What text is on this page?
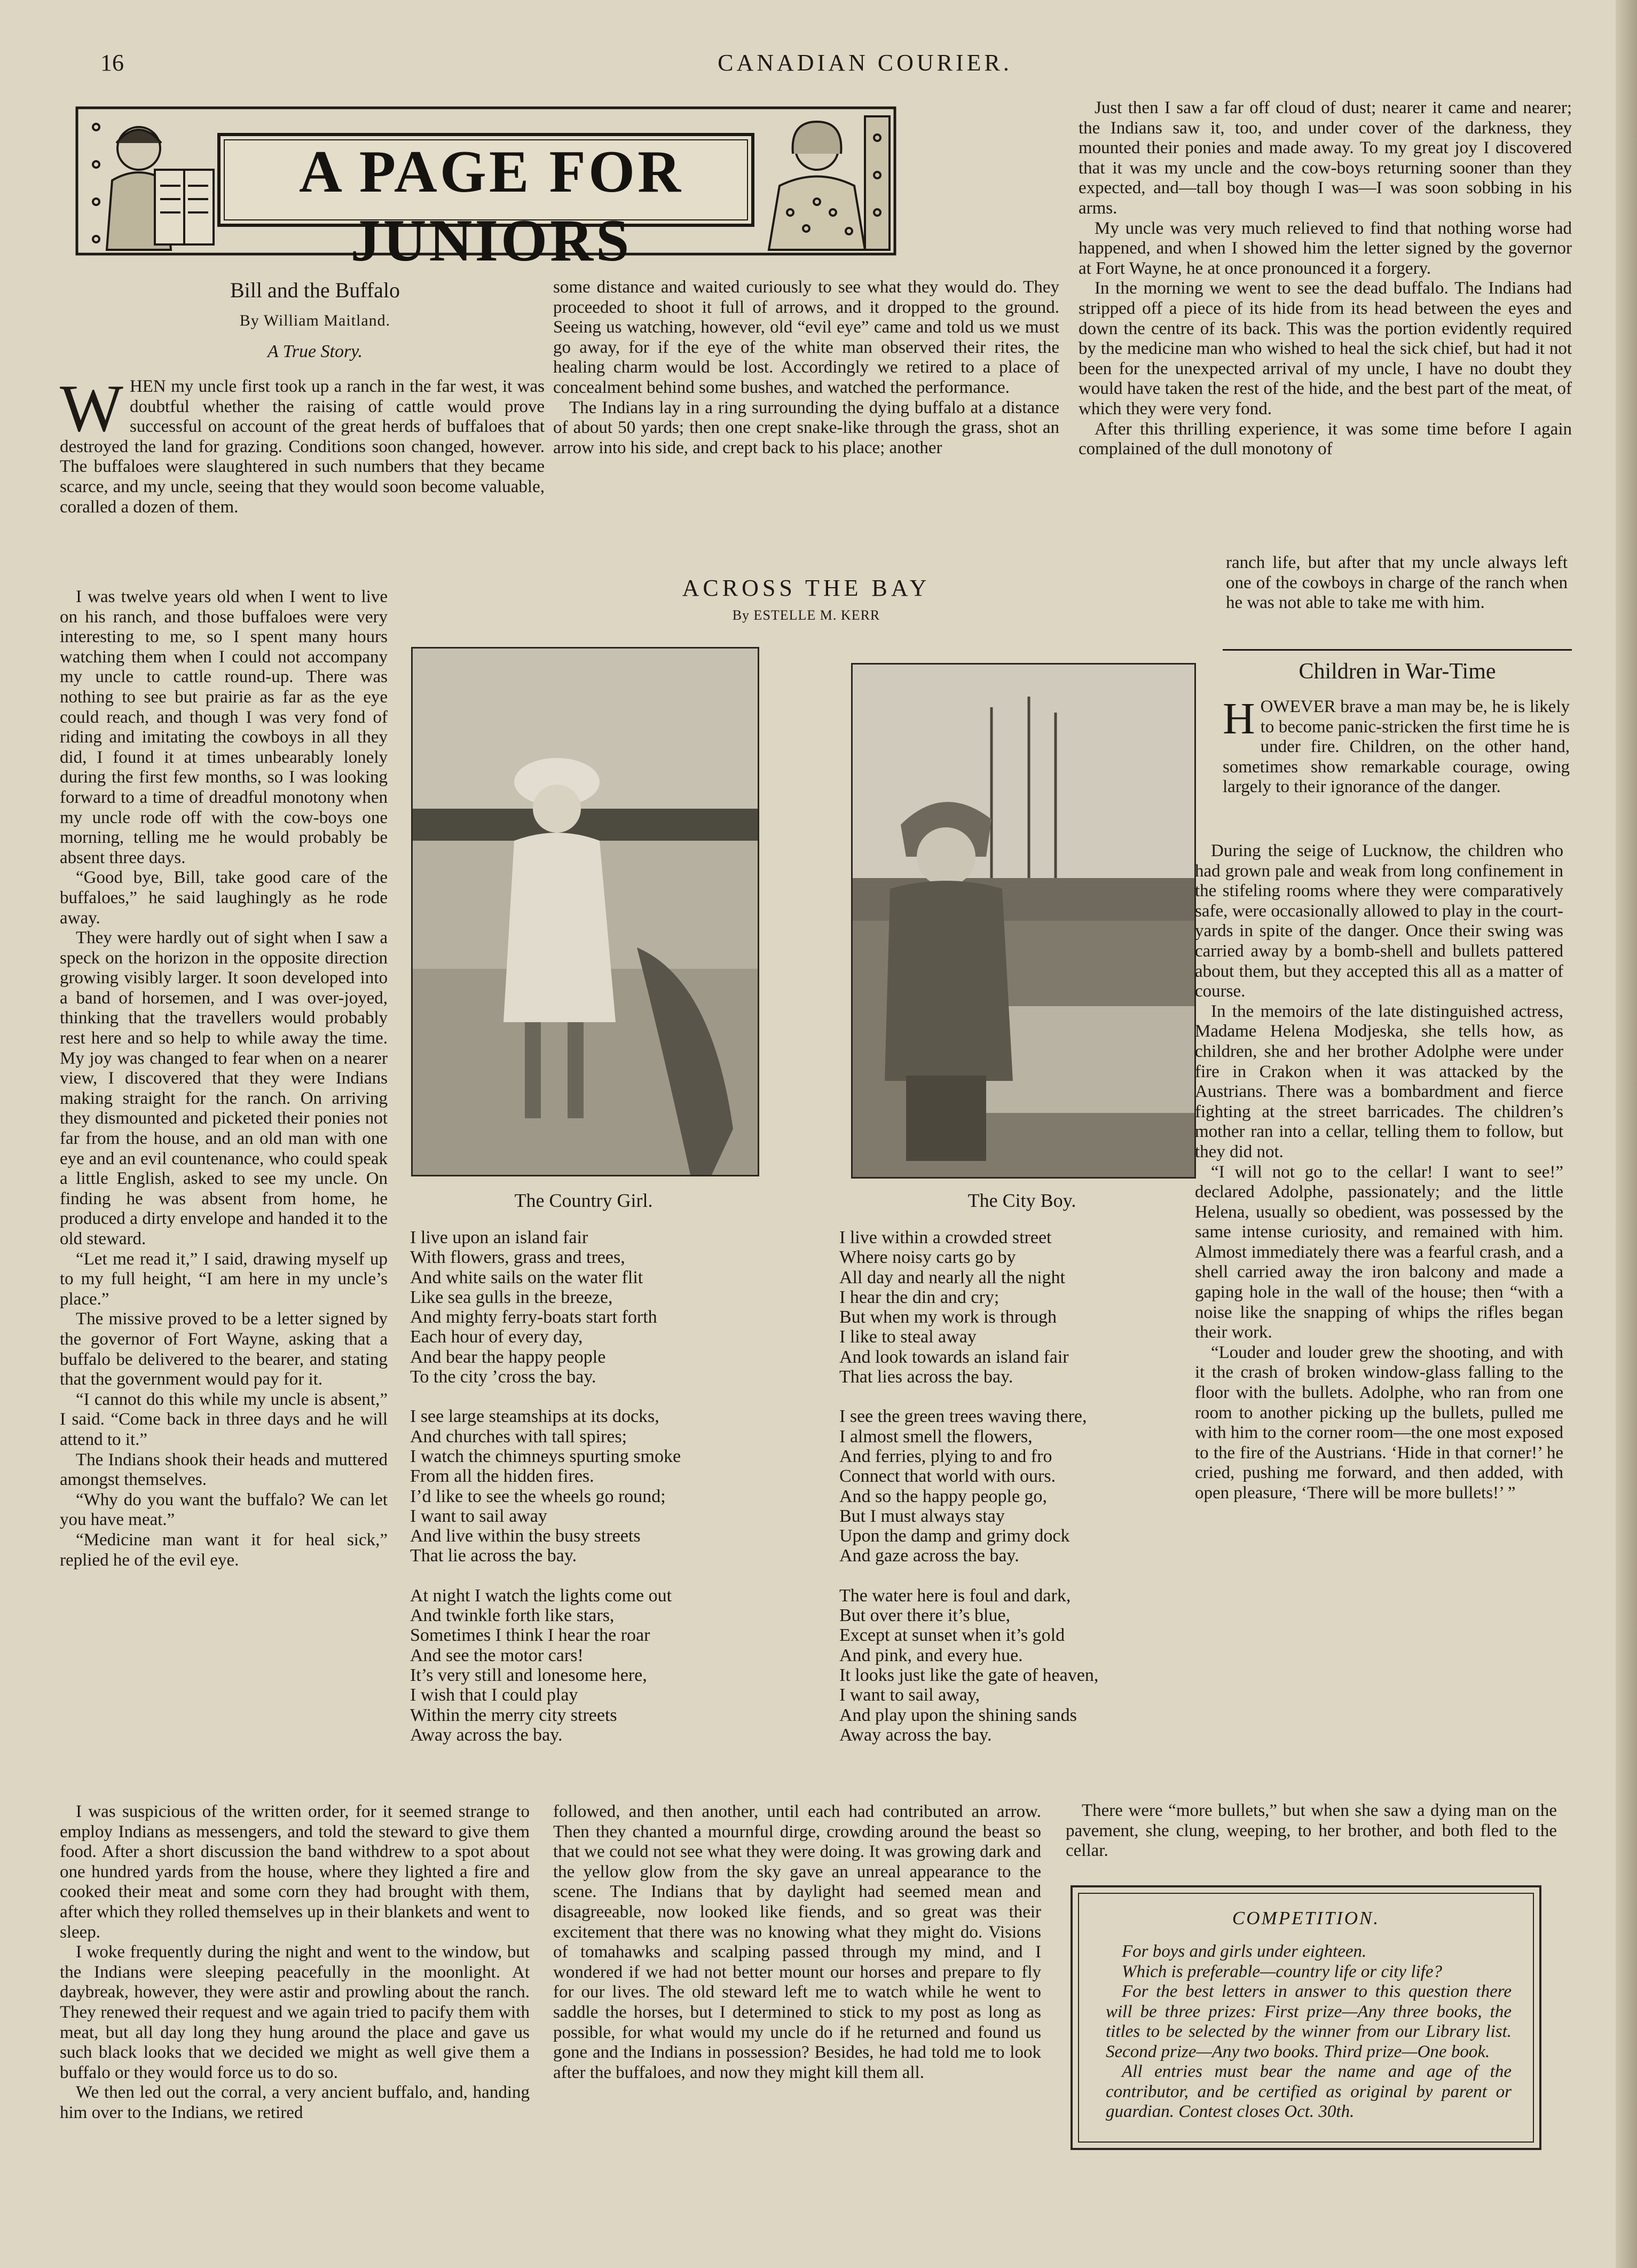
16	CANADIAN COURIER.
A PAGE FOR JUNIORS
Bill and the Buffalo
By William Maitland.
A True Story.
W HEN my uncle first took up a ranch in the far west, it was doubtful whether the raising of cattle would prove successful on account of the great herds of buffaloes that destroyed the land for grazing. Conditions soon changed, however. The buffaloes were slaughtered in such numbers that they became scarce, and my uncle, seeing that they would soon become valuable, coralled a dozen of them.

I was twelve years old when I went to live on his ranch, and those buffaloes were very interesting to me, so I spent many hours watching them when I could not accompany my uncle to cattle round-up. There was nothing to see but prairie as far as the eye could reach, and though I was very fond of riding and imitating the cowboys in all they did, I found it at times unbearably lonely during the first few months, so I was looking forward to a time of dreadful monotony when my uncle rode off with the cow-boys one morning, telling me he would probably be absent three days.

“Good bye, Bill, take good care of the buffaloes,” he said laughingly as he rode away.

They were hardly out of sight when I saw a speck on the horizon in the opposite direction growing visibly larger. It soon developed into a band of horsemen, and I was over-joyed, thinking that the travellers would probably rest here and so help to while away the time. My joy was changed to fear when on a nearer view, I discovered that they were Indians making straight for the ranch. On arriving they dismounted and picketed their ponies not far from the house, and an old man with one eye and an evil countenance, who could speak a little English, asked to see my uncle. On finding he was absent from home, he produced a dirty envelope and handed it to the old steward.

“Let me read it,” I said, drawing myself up to my full height, “I am here in my uncle’s place.”

The missive proved to be a letter signed by the governor of Fort Wayne, asking that a buffalo be delivered to the bearer, and stating that the government would pay for it.

“I cannot do this while my uncle is absent,” I said. “Come back in three days and he will attend to it.”

The Indians shook their heads and muttered amongst themselves.

“Why do you want the buffalo? We can let you have meat.”

“Medicine man want it for heal sick,” replied he of the evil eye.

I was suspicious of the written order, for it seemed strange to employ Indians as messengers, and told the steward to give them food. After a short discussion the band withdrew to a spot about one hundred yards from the house, where they lighted a fire and cooked their meat and some corn they had brought with them, after which they rolled themselves up in their blankets and went to sleep.

I woke frequently during the night and went to the window, but the Indians were sleeping peacefully in the moonlight. At daybreak, however, they were astir and prowling about the ranch. They renewed their request and we again tried to pacify them with meat, but all day long they hung around the place and gave us such black looks that we decided we might as well give them a buffalo or they would force us to do so.

We then led out the corral, a very ancient buffalo, and, handing him over to the Indians, we retired

some distance and waited curiously to see what they would do. They proceeded to shoot it full of arrows, and it dropped to the ground. Seeing us watching, however, old “evil eye” came and told us we must go away, for if the eye of the white man observed their rites, the healing charm would be lost. Accordingly we retired to a place of concealment behind some bushes, and watched the performance.

The Indians lay in a ring surrounding the dying buffalo at a distance of about 50 yards; then one crept snake-like through the grass, shot an arrow into his side, and crept back to his place; another

followed, and then another, until each had contributed an arrow. Then they chanted a mournful dirge, crowding around the beast so that we could not see what they were doing. It was growing dark and the yellow glow from the sky gave an unreal appearance to the scene. The Indians that by daylight had seemed mean and disagreeable, now looked like fiends, and so great was their excitement that there was no knowing what they might do. Visions of tomahawks and scalping passed through my mind, and I wondered if we had not better mount our horses and prepare to fly for our lives. The old steward left me to watch while he went to saddle the horses, but I determined to stick to my post as long as possible, for what would my uncle do if he returned and found us gone and the Indians in possession? Besides, he had told me to look after the buffaloes, and now they might kill them all.

Just then I saw a far off cloud of dust; nearer it came and nearer; the Indians saw it, too, and under cover of the darkness, they mounted their ponies and made away. To my great joy I discovered that it was my uncle and the cow-boys returning sooner than they expected, and—tall boy though I was—I was soon sobbing in his arms.

My uncle was very much relieved to find that nothing worse had happened, and when I showed him the letter signed by the governor at Fort Wayne, he at once pronounced it a forgery.

In the morning we went to see the dead buffalo. The Indians had stripped off a piece of its hide from its head between the eyes and down the centre of its back. This was the portion evidently required by the medicine man who wished to heal the sick chief, but had it not been for the unexpected arrival of my uncle, I have no doubt they would have taken the rest of the hide, and the best part of the meat, of which they were very fond.

After this thrilling experience, it was some time before I again complained of the dull monotony of

ranch life, but after that my uncle always left one of the cowboys in charge of the ranch when he was not able to take me with him.

ACROSS THE BAY
By ESTELLE M. KERR
The Country Girl.	The City Boy.
I live upon an island fair
With flowers, grass and trees,
And white sails on the water flit
Like sea gulls in the breeze,
And mighty ferry-boats start forth
Each hour of every day,
And bear the happy people
To the city ’cross the bay.
I see large steamships at its docks,
And churches with tall spires;
I watch the chimneys spurting smoke
From all the hidden fires.
I’d like to see the wheels go round;
I want to sail away
And live within the busy streets
That lie across the bay.
At night I watch the lights come out
And twinkle forth like stars,
Sometimes I think I hear the roar
And see the motor cars!
It’s very still and lonesome here,
I wish that I could play
Within the merry city streets
Away across the bay.
I live within a crowded street
Where noisy carts go by
All day and nearly all the night
I hear the din and cry;
But when my work is through
I like to steal away
And look towards an island fair
That lies across the bay.
I see the green trees waving there,
I almost smell the flowers,
And ferries, plying to and fro
Connect that world with ours.
And so the happy people go,
But I must always stay
Upon the damp and grimy dock
And gaze across the bay.
The water here is foul and dark,
But over there it’s blue,
Except at sunset when it’s gold
And pink, and every hue.
It looks just like the gate of heaven,
I want to sail away,
And play upon the shining sands
Away across the bay.
Children in War-Time
H OWEVER brave a man may be, he is likely to become panic-stricken the first time he is under fire. Children, on the other hand, sometimes show remarkable courage, owing largely to their ignorance of the danger.

During the seige of Lucknow, the children who had grown pale and weak from long confinement in the stifeling rooms where they were comparatively safe, were occasionally allowed to play in the court-yards in spite of the danger. Once their swing was carried away by a bomb-shell and bullets pattered about them, but they accepted this all as a matter of course.

In the memoirs of the late distinguished actress, Madame Helena Modjeska, she tells how, as children, she and her brother Adolphe were under fire in Crakon when it was attacked by the Austrians. There was a bombardment and fierce fighting at the street barricades. The children’s mother ran into a cellar, telling them to follow, but they did not.

“I will not go to the cellar! I want to see!” declared Adolphe, passionately; and the little Helena, usually so obedient, was possessed by the same intense curiosity, and remained with him. Almost immediately there was a fearful crash, and a shell carried away the iron balcony and made a gaping hole in the wall of the house; then “with a noise like the snapping of whips the rifles began their work.

“Louder and louder grew the shooting, and with it the crash of broken window-glass falling to the floor with the bullets. Adolphe, who ran from one room to another picking up the bullets, pulled me with him to the corner room—the one most exposed to the fire of the Austrians. ‘Hide in that corner!’ he cried, pushing me forward, and then added, with open pleasure, ‘There will be more bullets!’ ”

There were “more bullets,” but when she saw a dying man on the pavement, she clung, weeping, to her brother, and both fled to the cellar.

COMPETITION.
For boys and girls under eighteen.
Which is preferable—country life or city life?
For the best letters in answer to this question there will be three prizes: First prize—Any three books, the titles to be selected by the winner from our Library list. Second prize—Any two books. Third prize—One book.
All entries must bear the name and age of the contributor, and be certified as original by parent or guardian. Contest closes Oct. 30th.
